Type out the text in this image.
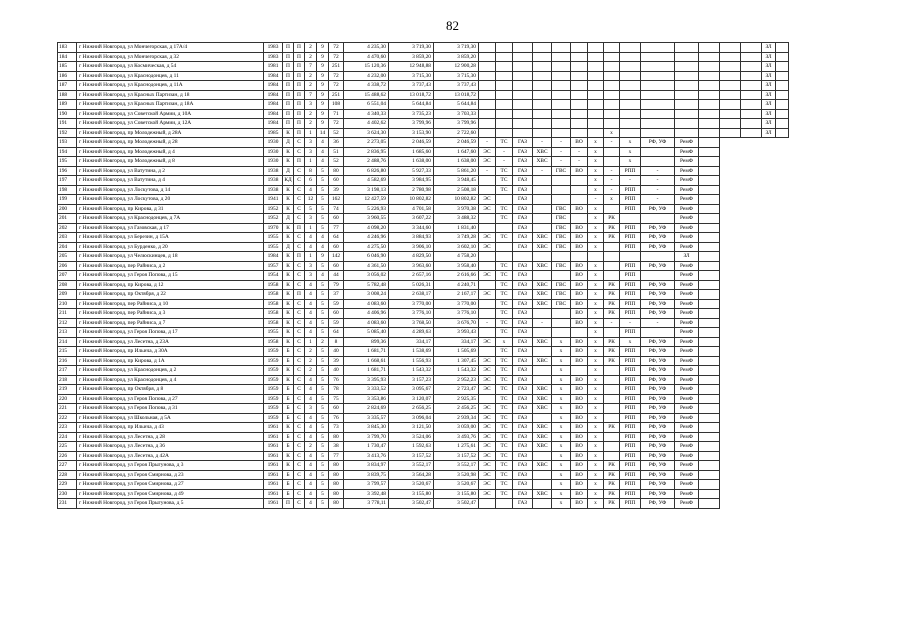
82
183	г Нижний Новгород, ул Мончегорская, д 17А/4	1983	П	П	2	9	72	4 235,30	3 719,30	3 719,30															ЗЛ	
184	г Нижний Новгород, ул Мончегорская, д 32	1983	П	П	2	9	72	4 470,60	3 859,20	3 859,20															ЗЛ	
185	г Нижний Новгород, ул Космическая, д 54	1981	П	П	7	9	251	15 120,36	12 948,88	12 900,28															ЗЛ	
186	г Нижний Новгород, ул Краснодонцев, д 11	1984	П	П	2	9	72	4 232,00	3 715,30	3 715,30															ЗЛ	
187	г Нижний Новгород, ул Краснодонцев, д 11А	1984	П	П	2	9	72	4 338,72	3 737,43	3 737,43															ЗЛ	
188	г Нижний Новгород, ул Красных Партизан, д 18	1984	П	П	7	9	251	15 488,62	13 018,72	13 018,72															ЗЛ	
189	г Нижний Новгород, ул Красных Партизан, д 18А	1984	П	П	3	9	108	6 551,04	5 644,84	5 644,84															ЗЛ	
190	г Нижний Новгород, ул Советской Армии, д 10А	1984	П	П	2	9	71	4 340,33	3 735,23	3 703,33															ЗЛ	
191	г Нижний Новгород, ул Советской Армии, д 12А	1984	П	П	2	9	72	4 402,62	3 799,96	3 799,96															ЗЛ	
192	г Нижний Новгород, пр Молодежный, д 28А	1985	К	П	1	14	52	3 624,30	3 153,90	2 722,60								х							ЗЛ	
193	г Нижний Новгород, пр Молодежный, д 28	1930	Д	С	3	4	36	2 273,05	2 046,59	2 046,59	-	ТС	ГАЗ	-	-	ВО	х	-	х	РФ, УФ	РемФ					
194	г Нижний Новгород, пр Молодежный, д 4	1930	К	С	3	4	51	2 836,95	1 685,60	1 647,60	ЭС	-	ГАЗ	ХВС	-	-	х		х		РемФ					
195	г Нижний Новгород, пр Молодежный, д 8	1930	К	П	1	4	52	2 488,76	1 638,00	1 638,00	ЭС	-	ГАЗ	ХВС	-	-	х		х		РемФ					
196	г Нижний Новгород, ул Ватутина, д 2	1938	Д	С	8	5	80	6 826,80	5 927,33	5 861,20	-	ТС	ГАЗ	-	ГВС	ВО	х	-	РПП	-	РемФ					
197	г Нижний Новгород, ул Ватутина, д 4	1938	КД	С	6	5	60	4 582,69	3 984,95	3 948,45		ТС	ГАЗ				х	-	-	-	РемФ					
198	г Нижний Новгород, ул Лоскутова, д 14	1938	К	С	4	5	39	3 198,13	2 780,98	2 508,18		ТС	ГАЗ				х	-	РПП	-	РемФ					
199	г Нижний Новгород, ул Лоскутова, д 20	1941	К	С	12	5	162	12 427,59	10 802,82	10 802,82	ЭС		ГАЗ				-	х	РПП	-	РемФ					
200	г Нижний Новгород, пр Кирова, д 31	1952	К	С	5	5	74	5 226,93	4 701,58	3 970,38	ЭС	ТС	ГАЗ		ГВС	ВО	х		РПП	РФ, УФ	РемФ					
201	г Нижний Новгород, ул Краснодонцев, д 7А	1952	Д	С	3	5	60	3 960,55	3 607,22	3 488,32		ТС	ГАЗ		ГВС		х	РК			РемФ					
202	г Нижний Новгород, ул Газовская, д 17	1970	К	П	1	5	77	4 098,20	3 344,60	1 831,40			ГАЗ		ГВС	ВО	х	РК	РПП	РФ, УФ	РемФ					
203	г Нижний Новгород, ул Березин, д 15А	1955	К	С	4	4	64	4 246,96	3 884,93	3 749,28	ЭС	ТС	ГАЗ	ХВС	ГВС	ВО	х	РК	РПП	РФ, УФ	РемФ					
204	г Нижний Новгород, ул Бурденко, д 20	1955	Д	С	4	4	60	4 275,50	3 906,10	3 602,10	ЭС		ГАЗ	ХВС	ГВС	ВО	х		РПП	РФ, УФ	РемФ					
205	г Нижний Новгород, ул Челюскинцев, д 18	1984	К	П	1	9	142	6 046,90	4 829,50	4 758,20											ЗЛ					
206	г Нижний Новгород, пер Райниса, д 2	1957	К	С	3	5	60	4 361,50	3 963,60	3 958,40		ТС	ГАЗ	ХВС	ГВС	ВО	х		РПП	РФ, УФ	РемФ					
207	г Нижний Новгород, ул Героя Попова, д 15	1954	К	С	3	4	44	3 056,02	2 657,16	2 616,66	ЭС	ТС	ГАЗ			ВО	х		РПП		РемФ					
208	г Нижний Новгород, пр Кирова, д 12	1958	К	С	4	5	79	5 782,48	5 026,31	4 240,71		ТС	ГАЗ	ХВС	ГВС	ВО	х	РК	РПП	РФ, УФ	РемФ					
209	г Нижний Новгород, пр Октября, д 22	1958	К	П	4	5	37	3 008,24	2 638,17	2 167,17	ЭС	ТС	ГАЗ	ХВС	ГВС	ВО	х	РК	РПП	РФ, УФ	РемФ					
210	г Нижний Новгород, пер Райниса, д 10	1958	К	С	4	5	59	4 083,60	3 770,00	3 770,00		ТС	ГАЗ	ХВС	ГВС	ВО	х	РК	РПП	РФ, УФ	РемФ					
211	г Нижний Новгород, пер Райниса, д 3	1958	К	С	4	5	60	4 406,96	3 776,10	3 776,10		ТС	ГАЗ			ВО	х	РК	РПП	РФ, УФ	РемФ					
212	г Нижний Новгород, пер Райниса, д 7	1958	К	С	4	5	59	4 083,60	3 768,50	3 676,70	-	ТС	ГАЗ	-		ВО	х	-	-	-	РемФ					
213	г Нижний Новгород, ул Героя Попова, д 17	1955	К	С	4	5	64	5 085,40	4 289,63	3 993,43		ТС	ГАЗ				х		РПП		РемФ					
214	г Нижний Новгород, ул Лесетна, д 23А	1958	К	С	1	2	8	899,36	334,17	334,17	ЭС	х	ГАЗ	ХВС	х	ВО	х	РК	х	РФ, УФ	РемФ					
215	г Нижний Новгород, пр Ильича, д 30А	1959	Б	С	2	5	40	1 681,71	1 538,69	1 505,69		ТС	ГАЗ		х	ВО	х	РК	РПП	РФ, УФ	РемФ					
216	г Нижний Новгород, пр Кирова, д 1А	1959	Б	С	2	5	39	1 668,61	1 556,93	1 307,45	ЭС	ТС	ГАЗ	ХВС	х	ВО	х	РК	РПП	РФ, УФ	РемФ					
217	г Нижний Новгород, ул Краснодонцев, д 2	1959	К	С	2	5	40	1 681,71	1 543,32	1 543,32	ЭС	ТС	ГАЗ		х		х		РПП	РФ, УФ	РемФ					
218	г Нижний Новгород, ул Краснодонцев, д 4	1959	К	С	4	5	76	3 395,93	3 157,23	2 952,23	ЭС	ТС	ГАЗ		х	ВО	х		РПП	РФ, УФ	РемФ					
219	г Нижний Новгород, пр Октября, д 8	1959	Б	С	4	5	78	3 333,52	3 095,67	2 723,47	ЭС	ТС	ГАЗ	ХВС	х	ВО	х		РПП	РФ, УФ	РемФ					
220	г Нижний Новгород, ул Героя Попова, д 27	1959	Б	С	4	5	75	3 353,86	3 120,07	2 925,35		ТС	ГАЗ	ХВС	х	ВО	х		РПП	РФ, УФ	РемФ					
221	г Нижний Новгород, ул Героя Попова, д 31	1959	Б	С	3	5	60	2 824,69	2 656,25	2 456,25	ЭС	ТС	ГАЗ	ХВС	х	ВО	х		РПП	РФ, УФ	РемФ					
222	г Нижний Новгород, ул Школьная, д 5А	1959	Б	С	4	5	76	3 335,57	3 096,04	2 939,34	ЭС	ТС	ГАЗ		х	ВО	х		РПП	РФ, УФ	РемФ					
223	г Нижний Новгород, пр Ильича, д 43	1961	К	С	4	5	73	3 845,30	3 121,50	3 059,00	ЭС	ТС	ГАЗ	ХВС	х	ВО	х	РК	РПП	РФ, УФ	РемФ					
224	г Нижний Новгород, ул Лесетна, д 28	1961	Б	С	4	5	80	3 799,70	3 524,06	3 493,76	ЭС	ТС	ГАЗ	ХВС	х	ВО	х		РПП	РФ, УФ	РемФ					
225	г Нижний Новгород, ул Лесетна, д 36	1961	Б	С	2	5	38	1 730,47	1 592,63	1 275,61	ЭС	ТС	ГАЗ	ХВС	х	ВО	х		РПП	РФ, УФ	РемФ					
226	г Нижний Новгород, ул Лесетна, д 42А	1961	К	С	4	5	77	3 413,76	3 157,52	3 157,52	ЭС	ТС	ГАЗ		х	ВО	х		РПП	РФ, УФ	РемФ					
227	г Нижний Новгород, ул Героя Прыгунова, д 3	1961	К	С	4	5	80	3 834,97	3 552,17	3 552,17	ЭС	ТС	ГАЗ	ХВС	х	ВО	х	РК	РПП	РФ, УФ	РемФ					
228	г Нижний Новгород, ул Героя Смирнова, д 23	1961	Б	С	4	5	80	3 839,75	3 564,28	3 520,98	ЭС	ТС	ГАЗ		х	ВО	х	РК	РПП	РФ, УФ	РемФ					
229	г Нижний Новгород, ул Героя Смирнова, д 27	1961	Б	С	4	5	80	3 799,57	3 520,67	3 520,67	ЭС	ТС	ГАЗ		х	ВО	х	РК	РПП	РФ, УФ	РемФ					
230	г Нижний Новгород, ул Героя Смирнова, д 49	1961	Б	С	4	5	80	3 392,48	3 155,80	3 155,80	ЭС	ТС	ГАЗ	ХВС	х	ВО	х	РК	РПП	РФ, УФ	РемФ					
231	г Нижний Новгород, ул Героя Прыгунова, д 5	1961	П	С	4	5	80	3 778,11	3 502,47	3 502,47			ГАЗ		х	ВО	х	РК	РПП	РФ, УФ	РемФ					
